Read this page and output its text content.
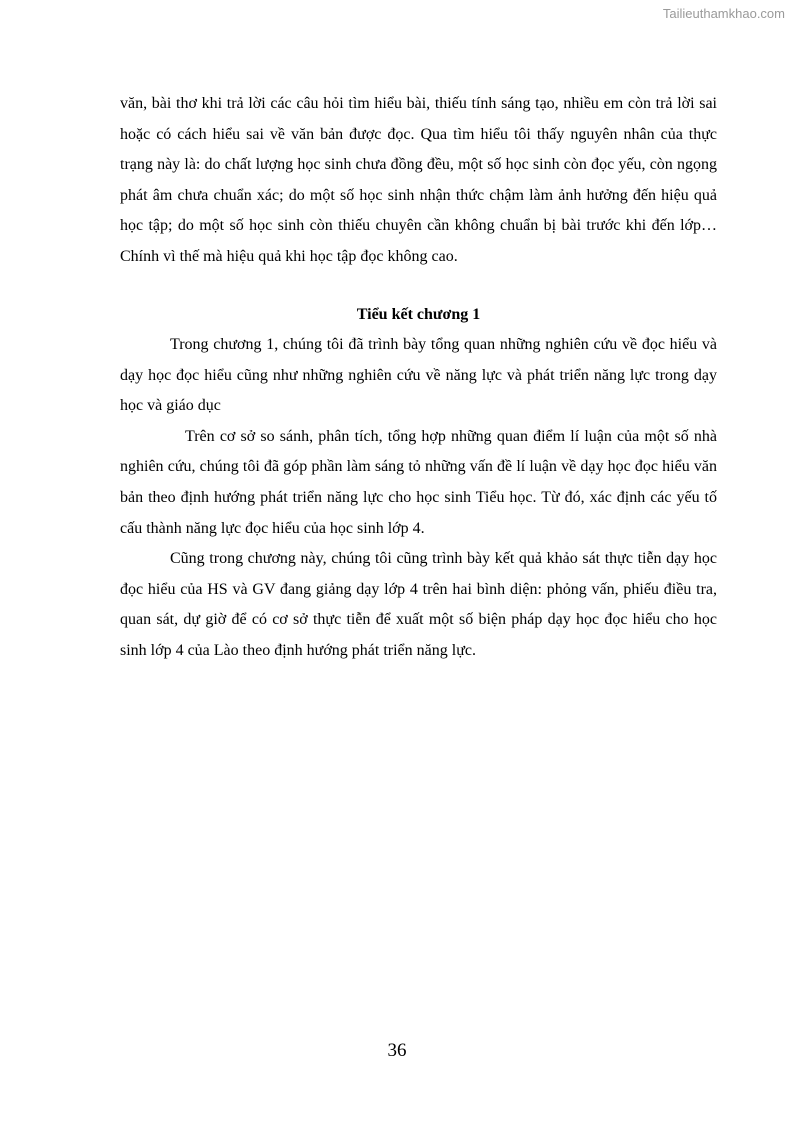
Tailieuthamkhao.com

văn, bài thơ khi trả lời các câu hỏi tìm hiểu bài, thiếu tính sáng tạo, nhiều em còn trả lời sai hoặc có cách hiểu sai về văn bản được đọc. Qua tìm hiểu tôi thấy nguyên nhân của thực trạng này là: do chất lượng học sinh chưa đồng đều, một số học sinh còn đọc yếu, còn ngọng phát âm chưa chuẩn xác; do một số học sinh nhận thức chậm làm ảnh hưởng đến hiệu quả học tập; do một số học sinh còn thiếu chuyên cần không chuẩn bị bài trước khi đến lớp…Chính vì thế mà hiệu quả khi học tập đọc không cao.

Tiểu kết chương 1

Trong chương 1, chúng tôi đã trình bày tổng quan những nghiên cứu về đọc hiểu và dạy học đọc hiểu cũng như những nghiên cứu về năng lực và phát triển năng lực trong dạy học và giáo dục

Trên cơ sở so sánh, phân tích, tổng hợp những quan điểm lí luận của một số nhà nghiên cứu, chúng tôi đã góp phần làm sáng tỏ những vấn đề lí luận về dạy học đọc hiểu văn bản theo định hướng phát triển năng lực cho học sinh Tiểu học. Từ đó, xác định các yếu tố cấu thành năng lực đọc hiểu của học sinh lớp 4.

Cũng trong chương này, chúng tôi cũng trình bày kết quả khảo sát thực tiễn dạy học đọc hiểu của HS và GV đang giảng dạy lớp 4 trên hai bình diện: phỏng vấn, phiếu điều tra, quan sát, dự giờ để có cơ sở thực tiễn để xuất một số biện pháp dạy học đọc hiểu cho học sinh lớp 4 của Lào theo định hướng phát triển năng lực.

36
